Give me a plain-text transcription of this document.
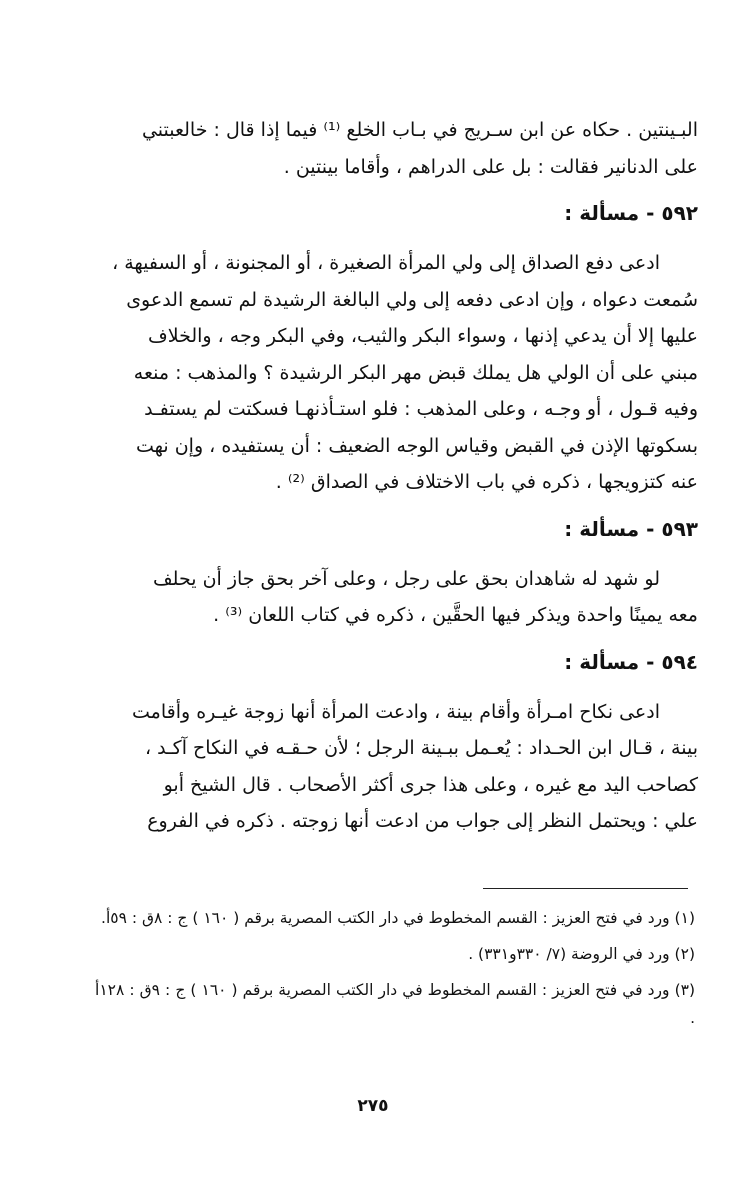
البـينتين . حكاه عن ابن سـريج في بـاب الخلع ⁽¹⁾ فيما إذا قال : خالعبتني

على الدنانير فقالت : بل على الدراهم ، وأقاما بينتين .

٥٩٢ - مسألة :

ادعى دفع الصداق إلى ولي المرأة الصغيرة ، أو المجنونة ، أو السفيهة ،

سُمعت دعواه ، وإن ادعى دفعه إلى ولي البالغة الرشيدة لم تسمع الدعوى

عليها إلا أن يدعي إذنها ، وسواء البكر والثيب، وفي البكر وجه ، والخلاف

مبني على أن الولي هل يملك قبض مهر البكر الرشيدة ؟ والمذهب : منعه

وفيه قـول ، أو وجـه ، وعلى المذهب : فلو استـأذنهـا فسكتت لم يستفـد

بسكوتها الإذن في القبض وقياس الوجه الضعيف : أن يستفيده ، وإن نهت

عنه كتزويجها ، ذكره في باب الاختلاف في الصداق ⁽²⁾ .

٥٩٣ - مسألة :

لو شهد له شاهدان بحق على رجل ، وعلى آخر بحق جاز أن يحلف

معه يمينًا واحدة ويذكر فيها الحقَّين ، ذكره في كتاب اللعان ⁽³⁾ .

٥٩٤ - مسألة :

ادعى نكاح امـرأة وأقام بينة ، وادعت المرأة أنها زوجة غيـره وأقامت

بينة ، قـال ابن الحـداد : يُعـمل ببـينة الرجل ؛ لأن حـقـه في النكاح آكـد ،

كصاحب اليد مع غيره ، وعلى هذا جرى أكثر الأصحاب . قال الشيخ أبو

علي : ويحتمل النظر إلى جواب من ادعت أنها زوجته . ذكره في الفروع

(١) ورد في فتح العزيز : القسم المخطوط في دار الكتب المصرية برقم ( ١٦٠ ) ج : ٨ق : ٥٩أ.

(٢) ورد في الروضة (٧/ ٣٣٠و٣٣١) .

(٣) ورد في فتح العزيز : القسم المخطوط في دار الكتب المصرية برقم ( ١٦٠ ) ج : ٩ق : ١٢٨أ .

٢٧٥
